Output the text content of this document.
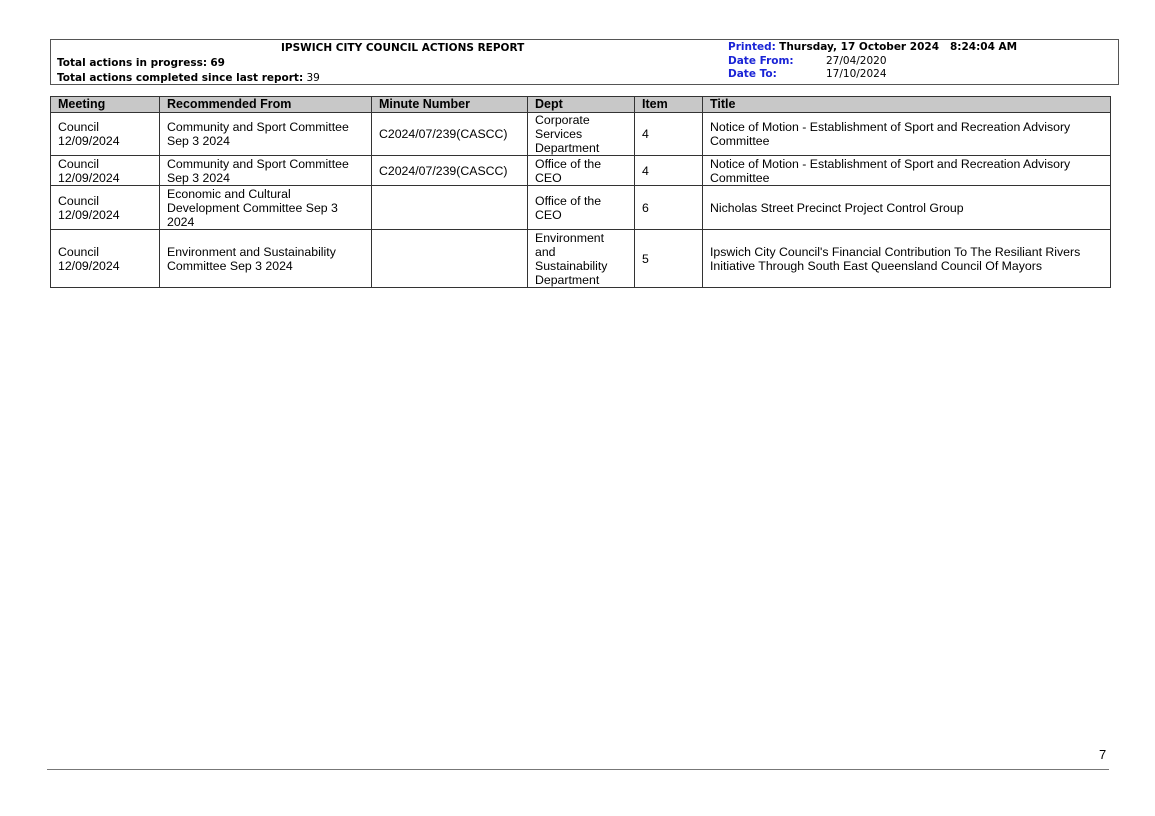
IPSWICH CITY COUNCIL ACTIONS REPORT
Total actions in progress: 69
Total actions completed since last report: 39
Printed: Thursday, 17 October 2024   8:24:04 AM
Date From:	27/04/2020
Date To:	17/10/2024
Meeting	Recommended From	Minute Number	Dept	Item	Title
Council
12/09/2024	Community and Sport Committee Sep 3 2024	C2024/07/239(CASCC)	Corporate Services Department	4	Notice of Motion - Establishment of Sport and Recreation Advisory Committee
Council
12/09/2024	Community and Sport Committee Sep 3 2024	C2024/07/239(CASCC)	Office of the CEO	4	Notice of Motion - Establishment of Sport and Recreation Advisory Committee
Council
12/09/2024	Economic and Cultural Development Committee Sep 3 2024		Office of the CEO	6	Nicholas Street Precinct Project Control Group
Council
12/09/2024	Environment and Sustainability Committee Sep 3 2024		Environment and Sustainability Department	5	Ipswich City Council's Financial Contribution To The Resiliant Rivers Initiative Through South East Queensland Council Of Mayors
7
